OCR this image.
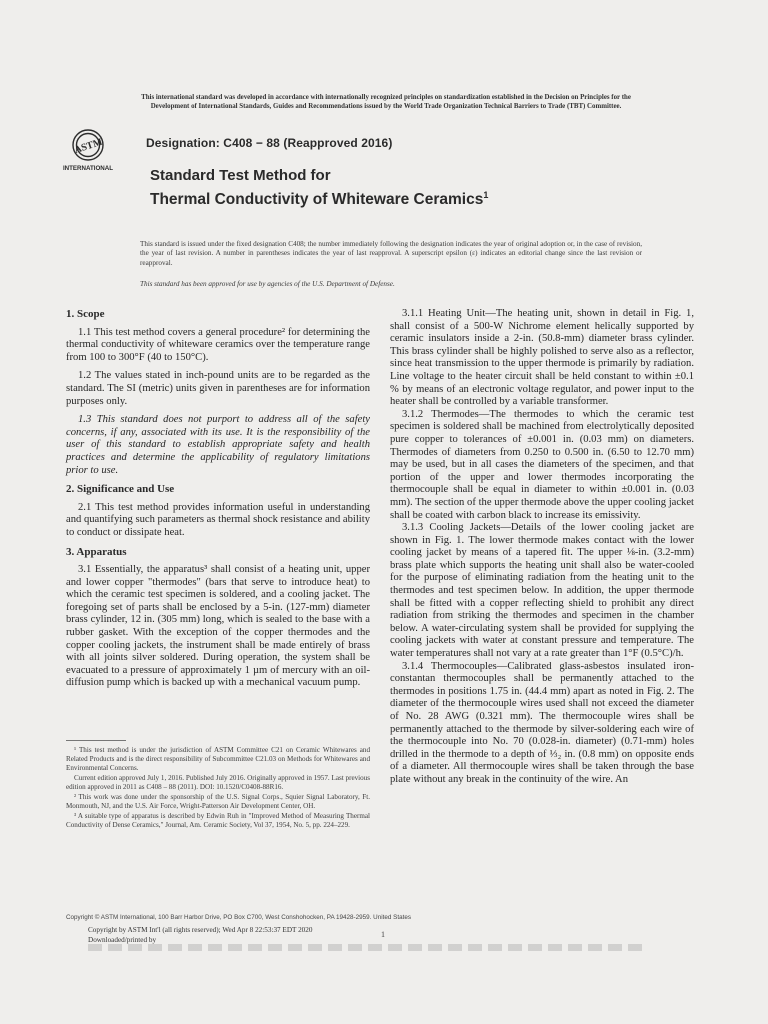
This international standard was developed in accordance with internationally recognized principles on standardization established in the Decision on Principles for the
Development of International Standards, Guides and Recommendations issued by the World Trade Organization Technical Barriers to Trade (TBT) Committee.
ASTM
INTERNATIONAL
Designation: C408 − 88 (Reapproved 2016)
Standard Test Method for
Thermal Conductivity of Whiteware Ceramics$^1$
This standard is issued under the fixed designation C408; the number immediately following the designation indicates the year of original adoption or, in the case of revision, the year of last revision. A number in parentheses indicates the year of last reapproval. A superscript epsilon (ε) indicates an editorial change since the last revision or reapproval.
This standard has been approved for use by agencies of the U.S. Department of Defense.
1. Scope

1.1 This test method covers a general procedure² for determining the thermal conductivity of whiteware ceramics over the temperature range from 100 to 300°F (40 to 150°C).

1.2 The values stated in inch-pound units are to be regarded as the standard. The SI (metric) units given in parentheses are for information purposes only.

1.3 This standard does not purport to address all of the safety concerns, if any, associated with its use. It is the responsibility of the user of this standard to establish appropriate safety and health practices and determine the applicability of regulatory limitations prior to use.

2. Significance and Use

2.1 This test method provides information useful in understanding and quantifying such parameters as thermal shock resistance and ability to conduct or dissipate heat.

3. Apparatus

3.1 Essentially, the apparatus³ shall consist of a heating unit, upper and lower copper "thermodes" (bars that serve to introduce heat) to which the ceramic test specimen is soldered, and a cooling jacket. The foregoing set of parts shall be enclosed by a 5-in. (127-mm) diameter brass cylinder, 12 in. (305 mm) long, which is sealed to the base with a rubber gasket. With the exception of the copper thermodes and the copper cooling jackets, the instrument shall be made entirely of brass with all joints silver soldered. During operation, the system shall be evacuated to a pressure of approximately 1 µm of mercury with an oil-diffusion pump which is backed up with a mechanical vacuum pump.

¹ This test method is under the jurisdiction of ASTM Committee C21 on Ceramic Whitewares and Related Products and is the direct responsibility of Subcommittee C21.03 on Methods for Whitewares and Environmental Concerns.

Current edition approved July 1, 2016. Published July 2016. Originally approved in 1957. Last previous edition approved in 2011 as C408 – 88 (2011). DOI: 10.1520/C0408-88R16.

² This work was done under the sponsorship of the U.S. Signal Corps., Squier Signal Laboratory, Ft. Monmouth, NJ, and the U.S. Air Force, Wright-Patterson Air Development Center, OH.

³ A suitable type of apparatus is described by Edwin Ruh in "Improved Method of Measuring Thermal Conductivity of Dense Ceramics," Journal, Am. Ceramic Society, Vol 37, 1954, No. 5, pp. 224–229.

3.1.1 Heating Unit—The heating unit, shown in detail in Fig. 1, shall consist of a 500-W Nichrome element helically supported by ceramic insulators inside a 2-in. (50.8-mm) diameter brass cylinder. This brass cylinder shall be highly polished to serve also as a reflector, since heat transmission to the upper thermode is primarily by radiation. Line voltage to the heater circuit shall be held constant to within ±0.1 % by means of an electronic voltage regulator, and power input to the heater shall be controlled by a variable transformer.

3.1.2 Thermodes—The thermodes to which the ceramic test specimen is soldered shall be machined from electrolytically deposited pure copper to tolerances of ±0.001 in. (0.03 mm) on diameters. Thermodes of diameters from 0.250 to 0.500 in. (6.50 to 12.70 mm) may be used, but in all cases the diameters of the specimen, and that portion of the upper and lower thermodes incorporating the thermocouple shall be equal in diameter to within ±0.001 in. (0.03 mm). The section of the upper thermode above the upper cooling jacket shall be coated with carbon black to increase its emissivity.

3.1.3 Cooling Jackets—Details of the lower cooling jacket are shown in Fig. 1. The lower thermode makes contact with the lower cooling jacket by means of a tapered fit. The upper ⅛-in. (3.2-mm) brass plate which supports the heating unit shall also be water-cooled for the purpose of eliminating radiation from the heating unit to the thermodes and test specimen below. In addition, the upper thermode shall be fitted with a copper reflecting shield to prohibit any direct radiation from striking the thermodes and specimen in the chamber below. A water-circulating system shall be provided for supplying the cooling jackets with water at constant pressure and temperature. The water temperatures shall not vary at a rate greater than 1°F (0.5°C)/h.

3.1.4 Thermocouples—Calibrated glass-asbestos insulated iron-constantan thermocouples shall be permanently attached to the thermodes in positions 1.75 in. (44.4 mm) apart as noted in Fig. 2. The diameter of the thermocouple wires used shall not exceed the diameter of No. 28 AWG (0.321 mm). The thermocouple wires shall be permanently attached to the thermode by silver-soldering each wire of the thermocouple into No. 70 (0.028-in. diameter) (0.71-mm) holes drilled in the thermode to a depth of ⅓₂ in. (0.8 mm) on opposite ends of a diameter. All thermocouple wires shall be taken through the base plate without any break in the continuity of the wire. An

Copyright © ASTM International, 100 Barr Harbor Drive, PO Box C700, West Conshohocken, PA 19428-2959. United States
Copyright by ASTM Int'l (all rights reserved); Wed Apr 8 22:53:37 EDT 2020
Downloaded/printed by
1
